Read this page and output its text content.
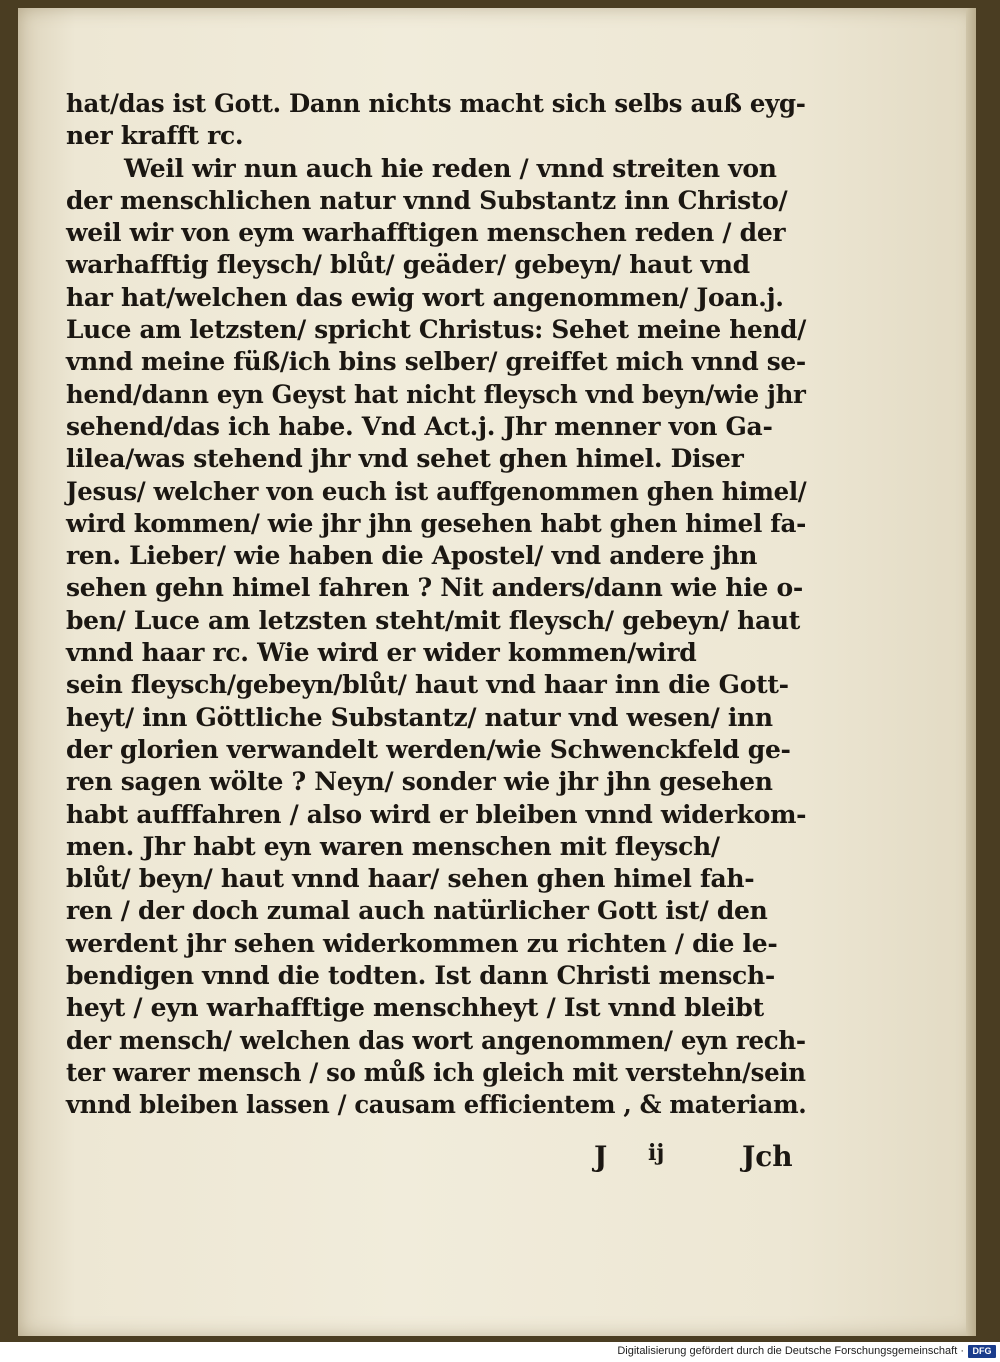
hat/das ist Gott. Dann nichts macht sich selbs auß eyg-
ner krafft rc.
Weil wir nun auch hie reden / vnnd streiten von
der menschlichen natur vnnd Substantz inn Christo/
weil wir von eym warhafftigen menschen reden / der
warhafftig fleysch/ blůt/ geäder/ gebeyn/ haut vnd
har hat/welchen das ewig wort angenommen/ Joan.j.
Luce am letzsten/ spricht Christus: Sehet meine hend/
vnnd meine füß/ich bins selber/ greiffet mich vnnd se-
hend/dann eyn Geyst hat nicht fleysch vnd beyn/wie jhr
sehend/das ich habe. Vnd Act.j. Jhr menner von Ga-
lilea/was stehend jhr vnd sehet ghen himel. Diser
Jesus/ welcher von euch ist auffgenommen ghen himel/
wird kommen/ wie jhr jhn gesehen habt ghen himel fa-
ren. Lieber/ wie haben die Apostel/ vnd andere jhn
sehen gehn himel fahren ? Nit anders/dann wie hie o-
ben/ Luce am letzsten steht/mit fleysch/ gebeyn/ haut
vnnd haar rc. Wie wird er wider kommen/wird
sein fleysch/gebeyn/blůt/ haut vnd haar inn die Gott-
heyt/ inn Göttliche Substantz/ natur vnd wesen/ inn
der glorien verwandelt werden/wie Schwenckfeld ge-
ren sagen wölte ? Neyn/ sonder wie jhr jhn gesehen
habt aufffahren / also wird er bleiben vnnd widerkom-
men. Jhr habt eyn waren menschen mit fleysch/
blůt/ beyn/ haut vnnd haar/ sehen ghen himel fah-
ren / der doch zumal auch natürlicher Gott ist/ den
werdent jhr sehen widerkommen zu richten / die le-
bendigen vnnd die todten. Ist dann Christi mensch-
heyt / eyn warhafftige menschheyt / Ist vnnd bleibt
der mensch/ welchen das wort angenommen/ eyn rech-
ter warer mensch / so můß ich gleich mit verstehn/sein
vnnd bleiben lassen / causam efficientem , & materiam.
J ij	Jch
Digitalisierung gefördert durch die Deutsche Forschungsgemeinschaft · DFG
